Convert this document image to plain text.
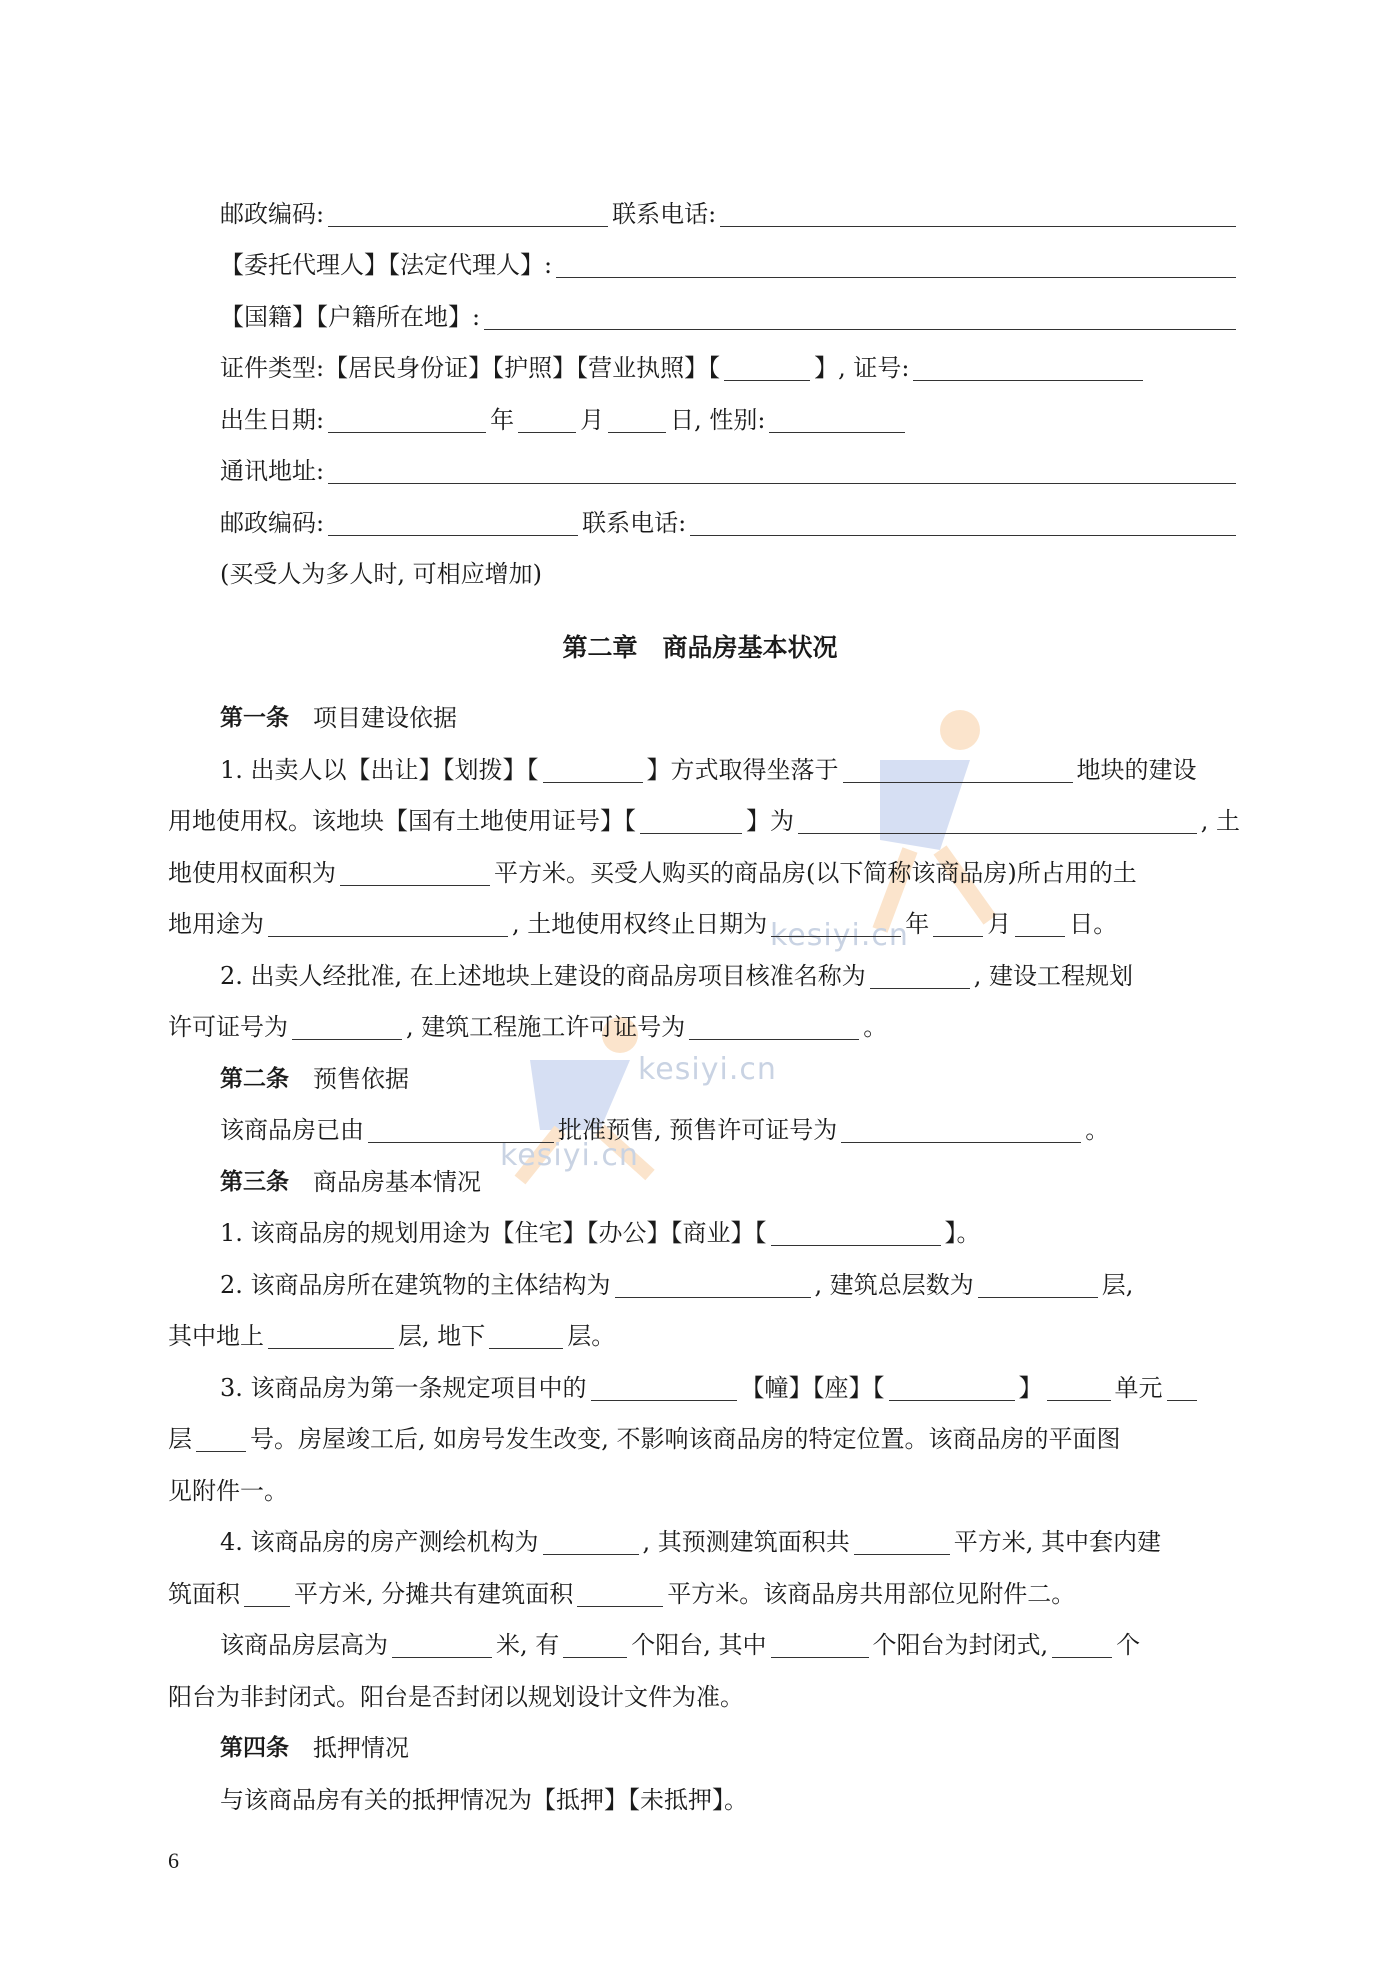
kesiyi.cn
kesiyi.cn
kesiyi.cn
邮政编码:	联系电话:
【委托代理人】【法定代理人】:
【国籍】【户籍所在地】:
证件类型:【居民身份证】【护照】【营业执照】【	】, 证号:
出生日期:	年	月	日, 性别:
通讯地址:
邮政编码:	联系电话:
(买受人为多人时, 可相应增加)
第二章　商品房基本状况
第一条 项目建设依据
1. 出卖人以【出让】【划拨】【	】方式取得坐落于	地块的建设
用地使用权。该地块【国有土地使用证号】【	】为	, 土
地使用权面积为	平方米。买受人购买的商品房(以下简称该商品房)所占用的土
地用途为	, 土地使用权终止日期为	年 月 日。
2. 出卖人经批准, 在上述地块上建设的商品房项目核准名称为	, 建设工程规划
许可证号为	, 建筑工程施工许可证号为	。
第二条 预售依据
该商品房已由	批准预售, 预售许可证号为	。
第三条 商品房基本情况
1. 该商品房的规划用途为【住宅】【办公】【商业】【	】。
2. 该商品房所在建筑物的主体结构为	, 建筑总层数为	层,
其中地上	层, 地下	层。
3. 该商品房为第一条规定项目中的	【幢】【座】【	】	单元
层 号。房屋竣工后, 如房号发生改变, 不影响该商品房的特定位置。该商品房的平面图
见附件一。
4. 该商品房的房产测绘机构为	, 其预测建筑面积共	平方米, 其中套内建
筑面积 平方米, 分摊共有建筑面积	平方米。该商品房共用部位见附件二。
该商品房层高为	米, 有	个阳台, 其中	个阳台为封闭式,	个
阳台为非封闭式。阳台是否封闭以规划设计文件为准。
第四条 抵押情况
与该商品房有关的抵押情况为【抵押】【未抵押】。
6
